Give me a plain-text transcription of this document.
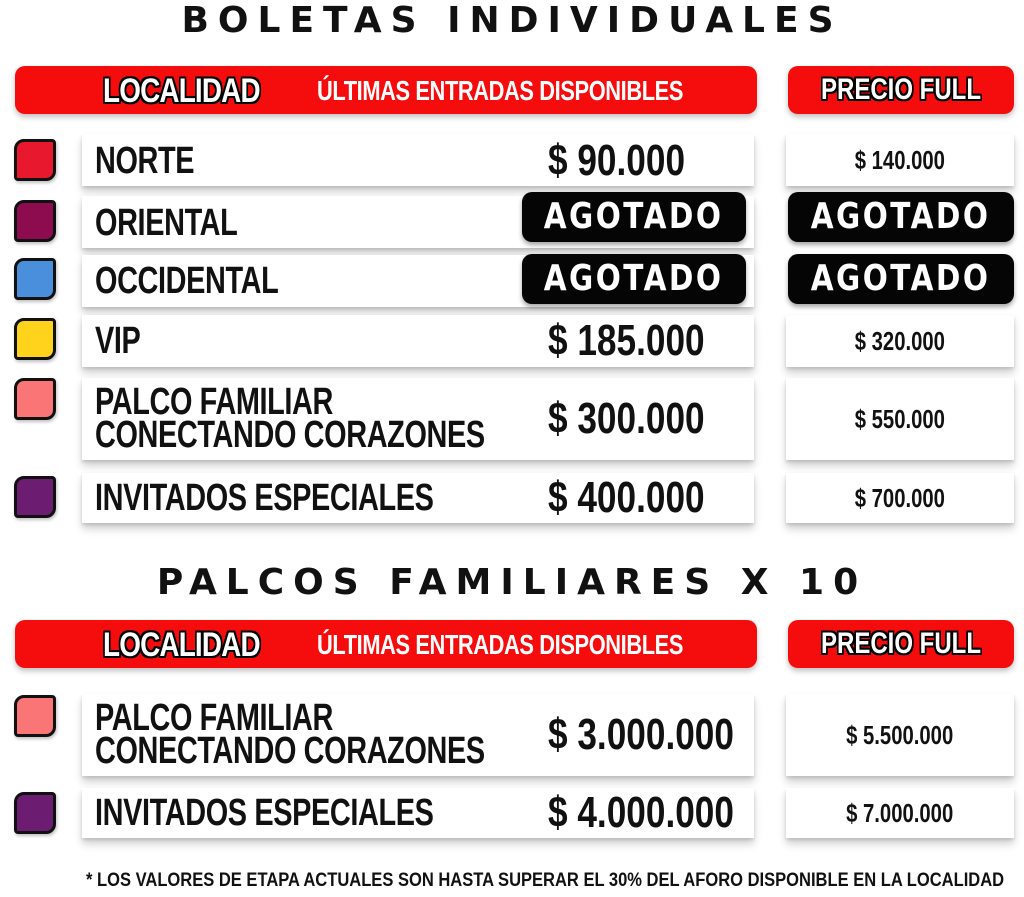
BOLETAS INDIVIDUALES
LOCALIDAD ÚLTIMAS ENTRADAS DISPONIBLES	PRECIO FULL
NORTE	$ 90.000	$ 140.000
ORIENTAL	AGOTADO	AGOTADO
OCCIDENTAL	AGOTADO	AGOTADO
VIP	$ 185.000	$ 320.000
PALCO FAMILIAR
CONECTANDO CORAZONES $ 300.000	$ 550.000
INVITADOS ESPECIALES	$ 400.000	$ 700.000
PALCOS FAMILIARES X 10
LOCALIDAD ÚLTIMAS ENTRADAS DISPONIBLES	PRECIO FULL
PALCO FAMILIAR
CONECTANDO CORAZONES $ 3.000.000	$ 5.500.000
INVITADOS ESPECIALES	$ 4.000.000	$ 7.000.000
* LOS VALORES DE ETAPA ACTUALES SON HASTA SUPERAR EL 30% DEL AFORO DISPONIBLE EN LA LOCALIDAD
